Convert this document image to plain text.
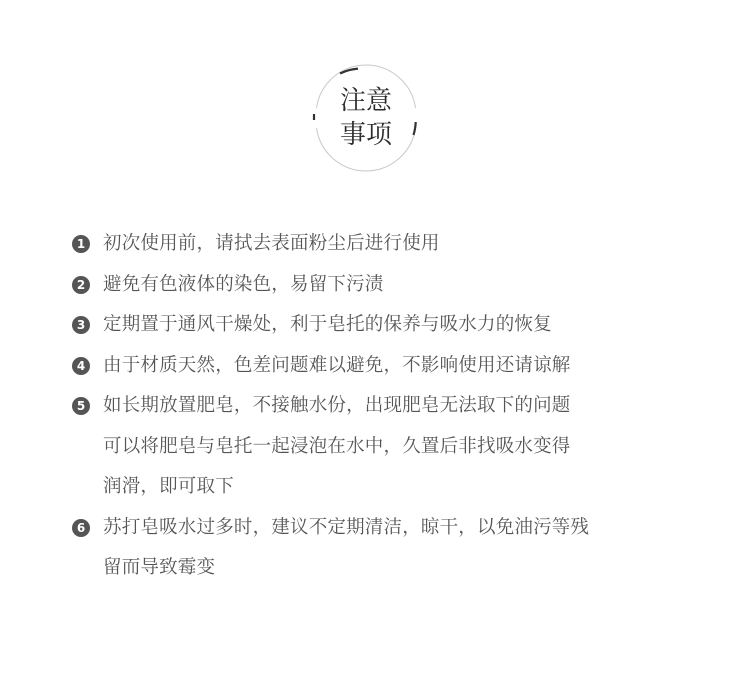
注意
事项
1 初次使用前，请拭去表面粉尘后进行使用
2 避免有色液体的染色，易留下污渍
3 定期置于通风干燥处，利于皂托的保养与吸水力的恢复
4 由于材质天然，色差问题难以避免，不影响使用还请谅解
5 如长期放置肥皂，不接触水份，出现肥皂无法取下的问题
可以将肥皂与皂托一起浸泡在水中，久置后非找吸水变得
润滑，即可取下
6 苏打皂吸水过多时，建议不定期清洁，晾干，以免油污等残
留而导致霉变
